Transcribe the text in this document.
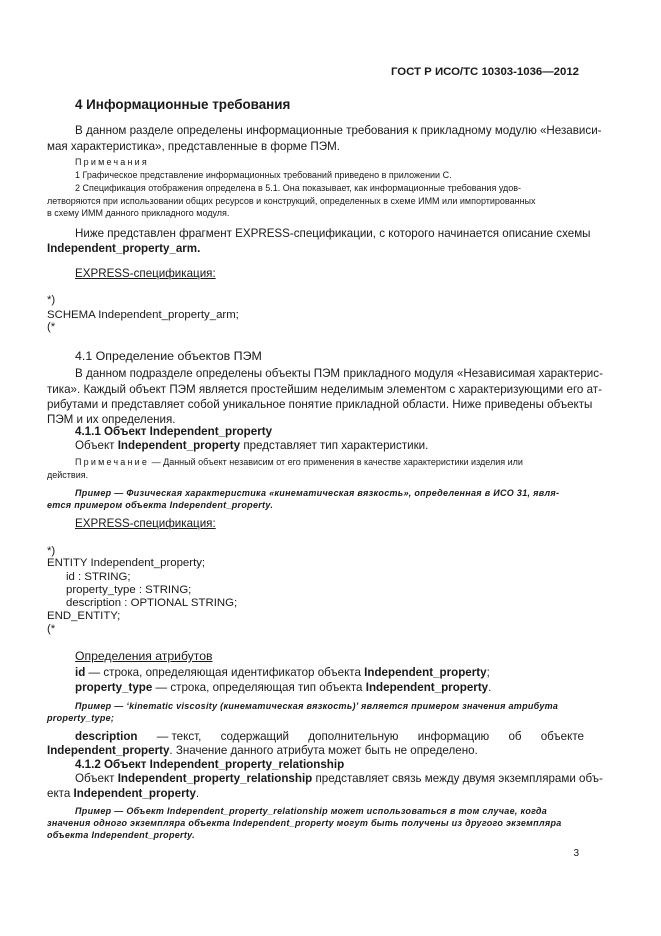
ГОСТ Р ИСО/ТС 10303-1036—2012
4 Информационные требования
В данном разделе определены информационные требования к прикладному модулю «Независи-
мая характеристика», представленные в форме ПЭМ.
Примечания
1 Графическое представление информационных требований приведено в приложении С.
2 Спецификация отображения определена в 5.1. Она показывает, как информационные требования удов-
летворяются при использовании общих ресурсов и конструкций, определенных в схеме ИММ или импортированных
в схему ИММ данного прикладного модуля.
Ниже представлен фрагмент EXPRESS-спецификации, с которого начинается описание схемы
Independent_property_arm.
EXPRESS-спецификация:
*)
SCHEMA Independent_property_arm;
(*
4.1 Определение объектов ПЭМ
В данном подразделе определены объекты ПЭМ прикладного модуля «Независимая характерис-
тика». Каждый объект ПЭМ является простейшим неделимым элементом с характеризующими его ат-
рибутами и представляет собой уникальное понятие прикладной области. Ниже приведены объекты
ПЭМ и их определения.
4.1.1 Объект Independent_property
Объект Independent_property представляет тип характеристики.
Примечание — Данный объект независим от его применения в качестве характеристики изделия или
действия.
Пример — Физическая характеристика «кинематическая вязкость», определенная в ИСО 31, явля-
ется примером объекта Independent_property.
EXPRESS-спецификация:
*)
ENTITY Independent_property;
id : STRING;
property_type : STRING;
description : OPTIONAL STRING;
END_ENTITY;
(*
Определения атрибутов
id — строка, определяющая идентификатор объекта Independent_property;
property_type — строка, определяющая тип объекта Independent_property.
Пример — ‘kinematic viscosity (кинематическая вязкость)’ является примером значения атрибута
property_type;
description — текст, содержащий дополнительную информацию об объекте
Independent_property. Значение данного атрибута может быть не определено.
4.1.2 Объект Independent_property_relationship
Объект Independent_property_relationship представляет связь между двумя экземплярами объ-
екта Independent_property.
Пример — Объект Independent_property_relationship может использоваться в том случае, когда
значения одного экземпляра объекта Independent_property могут быть получены из другого экземпляра
объекта Independent_property.
3
